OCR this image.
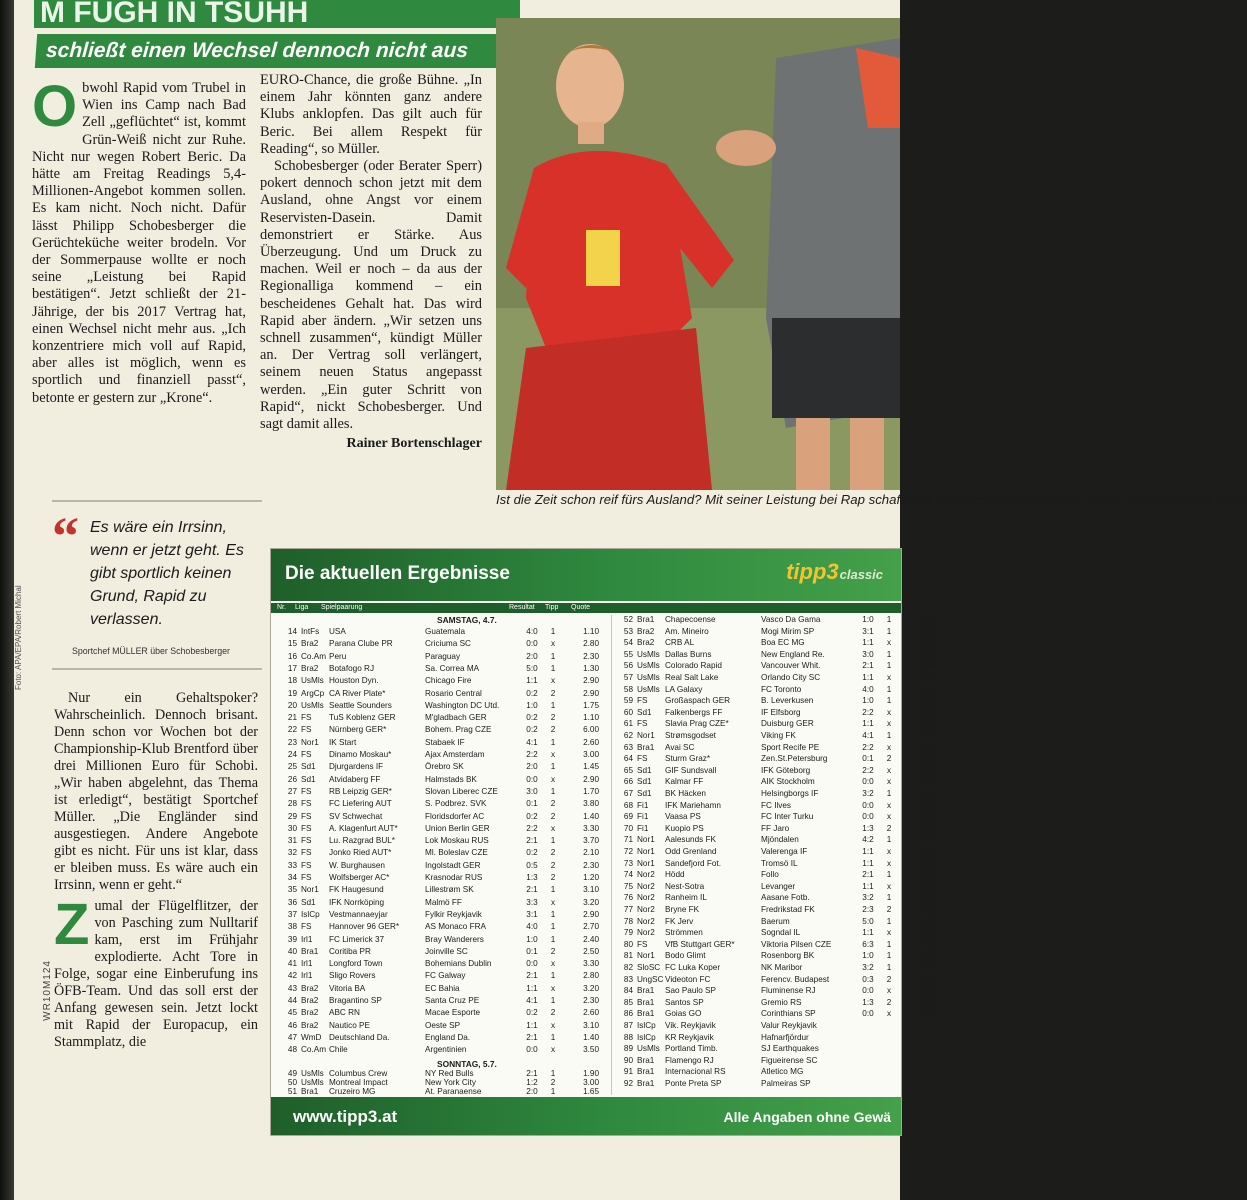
M FUGH IN TSUHH
schließt einen Wechsel dennoch nicht aus
O bwohl Rapid vom Trubel in Wien ins Camp nach Bad Zell „geflüchtet“ ist, kommt Grün-Weiß nicht zur Ruhe. Nicht nur wegen Robert Beric. Da hätte am Freitag Readings 5,4-Millionen-Angebot kommen sollen. Es kam nicht. Noch nicht. Dafür lässt Philipp Schobesberger die Gerüchteküche weiter brodeln. Vor der Sommerpause wollte er noch seine „Leistung bei Rapid bestätigen“. Jetzt schließt der 21-Jährige, der bis 2017 Vertrag hat, einen Wechsel nicht mehr aus. „Ich konzentriere mich voll auf Rapid, aber alles ist möglich, wenn es sportlich und finanziell passt“, betonte er gestern zur „Krone“.

EURO-Chance, die große Bühne. „In einem Jahr könnten ganz andere Klubs anklopfen. Das gilt auch für Beric. Bei allem Respekt für Reading“, so Müller.

Schobesberger (oder Berater Sperr) pokert dennoch schon jetzt mit dem Ausland, ohne Angst vor einem Reservisten-Dasein. Damit demonstriert er Stärke. Aus Überzeugung. Und um Druck zu machen. Weil er noch – da aus der Regionalliga kommend – ein bescheidenes Gehalt hat. Das wird Rapid aber ändern. „Wir setzen uns schnell zusammen“, kündigt Müller an. Der Vertrag soll verlängert, seinem neuen Status angepasst werden. „Ein guter Schritt von Rapid“, nickt Schobesberger. Und sagt damit alles.

Rainer Bortenschlager
Ist die Zeit schon reif fürs Ausland? Mit seiner Leistung bei Rap schaffte es Schobesberger ins Koller-Team, so lebt die EM-Chan
Foto: APA/EPA/Robert Michal
“ Es wäre ein Irrsinn, wenn er jetzt geht. Es gibt sportlich keinen Grund, Rapid zu verlassen.
Sportchef MÜLLER über Schobesberger

Nur ein Gehaltspoker? Wahrscheinlich. Dennoch brisant. Denn schon vor Wochen bot der Championship-Klub Brentford über drei Millionen Euro für Schobi. „Wir haben abgelehnt, das Thema ist erledigt“, bestätigt Sportchef Müller. „Die Engländer sind ausgestiegen. Andere Angebote gibt es nicht. Für uns ist klar, dass er bleiben muss. Es wäre auch ein Irrsinn, wenn er geht.“

Z umal der Flügelflitzer, der von Pasching zum Nulltarif kam, erst im Frühjahr explodierte. Acht Tore in Folge, sogar eine Einberufung ins ÖFB-Team. Und das soll erst der Anfang gewesen sein. Jetzt lockt mit Rapid der Europacup, ein Stammplatz, die

WR10M124
Die aktuellen Ergebnisse	tipp3classic
Nr. Liga Spielpaarung	Resultat Tipp Quote
SAMSTAG, 4.7.
14 IntFs	USA	Guatemala	4:0	1	1.10
15 Bra2	Parana Clube PR	Criciuma SC	0:0	x	2.80
16 Co.Am Peru	Paraguay	2:0	1	2.30
17 Bra2	Botafogo RJ	Sa. Correa MA	5:0	1	1.30
18 UsMls Houston Dyn.	Chicago Fire	1:1	x	2.90
19 ArgCp CA River Plate*	Rosario Central	0:2	2	2.90
20 UsMls Seattle Sounders	Washington DC Utd.	1:0	1	1.75
21 FS	TuS Koblenz GER	M'gladbach GER	0:2	2	1.10
22 FS	Nürnberg GER*	Bohem. Prag CZE	0:2	2	6.00
23 Nor1	IK Start	Stabaek IF	4:1	1	2.60
24 FS	Dinamo Moskau*	Ajax Amsterdam	2:2	x	3.00
25 Sd1	Djurgardens IF	Örebro SK	2:0	1	1.45
26 Sd1	Atvidaberg FF	Halmstads BK	0:0	x	2.90
27 FS	RB Leipzig GER*	Slovan Liberec CZE	3:0	1	1.70
28 FS	FC Liefering AUT	S. Podbrez. SVK	0:1	2	3.80
29 FS	SV Schwechat	Floridsdorfer AC	0:2	2	1.40
30 FS	A. Klagenfurt AUT*	Union Berlin GER	2:2	x	3.30
31 FS	Lu. Razgrad BUL*	Lok Moskau RUS	2:1	1	3.70
32 FS	Jonko Ried AUT*	Ml. Boleslav CZE	0:2	2	2.10
33 FS	W. Burghausen	Ingolstadt GER	0:5	2	2.30
34 FS	Wolfsberger AC*	Krasnodar RUS	1:3	2	1.20
35 Nor1	FK Haugesund	Lillestrøm SK	2:1	1	3.10
36 Sd1	IFK Norrköping	Malmö FF	3:3	x	3.20
37 IslCp	Vestmannaeyjar	Fylkir Reykjavik	3:1	1	2.90
38 FS	Hannover 96 GER*	AS Monaco FRA	4:0	1	2.70
39 Irl1	FC Limerick 37	Bray Wanderers	1:0	1	2.40
40 Bra1	Coritiba PR	Joinville SC	0:1	2	2.50
41 Irl1	Longford Town	Bohemians Dublin	0:0	x	3.30
42 Irl1	Sligo Rovers	FC Galway	2:1	1	2.80
43 Bra2	Vitoria BA	EC Bahia	1:1	x	3.20
44 Bra2	Bragantino SP	Santa Cruz PE	4:1	1	2.30
45 Bra2	ABC RN	Macae Esporte	0:2	2	2.60
46 Bra2	Nautico PE	Oeste SP	1:1	x	3.10
47 WmD Deutschland Da.	England Da.	2:1	1	1.40
48 Co.Am Chile	Argentinien	0:0	x	3.50
SONNTAG, 5.7.
49 UsMls Columbus Crew	NY Red Bulls	2:1	1	1.90
50 UsMls Montreal Impact	New York City	1:2	2	3.00
51 Bra1	Cruzeiro MG	At. Paranaense	2:0	1	1.65
52 Bra1	Chapecoense	Vasco Da Gama	1:0	1	1.75
53 Bra2	Am. Mineiro	Mogi Mirim SP	3:1	1	1.40
54 Bra2	CRB AL	Boa EC MG	1:1	x	2.80
55 UsMls Dallas Burns	New England Re.	3:0	1	1.80
56 UsMls Colorado Rapid	Vancouver Whit.	2:1	1	2.30
57 UsMls Real Salt Lake	Orlando City SC	1:1	x	2.80
58 UsMls LA Galaxy	FC Toronto	4:0	1	1.55
59 FS	Großaspach GER	B. Leverkusen	1:0	1	8.00
60 Sd1	Falkenbergs FF	IF Elfsborg	2:2	x	3.40
61 FS	Slavia Prag CZE*	Duisburg GER	1:1	x	3.00
62 Nor1	Strømsgodset	Viking FK	4:1	1	1.90
63 Bra1	Avai SC	Sport Recife PE	2:2	x	2.90
64 FS	Sturm Graz*	Zen.St.Petersburg	0:1	2	1.65
65 Sd1	GIF Sundsvall	IFK Göteborg	2:2	x	3.20
66 Sd1	Kalmar FF	AIK Stockholm	0:0	x	2.90
67 Sd1	BK Häcken	Helsingborgs IF	3:2	1	1.80
68 Fi1	IFK Mariehamn	FC Ilves	0:0	x	3.40
69 Fi1	Vaasa PS	FC Inter Turku	0:0	x	2.80
70 Fi1	Kuopio PS	FF Jaro	1:3	2	3.30
71 Nor1	Aalesunds FK	Mjöndalen	4:2	1	1.70
72 Nor1	Odd Grenland	Valerenga IF	1:1	x	3.60
73 Nor1	Sandefjord Fot.	Tromsö IL	1:1	x	3.00
74 Nor2	Hödd	Follo	2:1	1	1.70
75 Nor2	Nest-Sotra	Levanger	1:1	x	3.00
76 Nor2	Ranheim IL	Aasane Fotb.	3:2	1	1.50
77 Nor2	Bryne FK	Fredrikstad FK	2:3	2	3.30
78 Nor2	FK Jerv	Baerum	5:0	1	1.70
79 Nor2	Strömmen	Sogndal IL	1:1	x	3.20
80 FS	VfB Stuttgart GER*	Viktoria Pilsen CZE	6:3	1	2.20
81 Nor1	Bodo Glimt	Rosenborg BK	1:0	1	4.50
82 SloSC FC Luka Koper	NK Maribor	3:2	1	4.50
83 UngSC Videoton FC	Ferencv. Budapest	0:3	2	2.70
84 Bra1	Sao Paulo SP	Fluminense RJ	0:0	x	3.20
85 Bra1	Santos SP	Gremio RS	1:3	2	2.70
86 Bra1	Goias GO	Corinthians SP	0:0	x	2.80
87 IslCp	Vik. Reykjavik	Valur Reykjavik
88 IslCp	KR Reykjavik	Hafnarfjördur
89 UsMls Portland Timb.	SJ Earthquakes
90 Bra1	Flamengo RJ	Figueirense SC
91 Bra1	Internacional RS	Atletico MG
92 Bra1	Ponte Preta SP	Palmeiras SP
www.tipp3.at	Alle Angaben ohne Gewä
